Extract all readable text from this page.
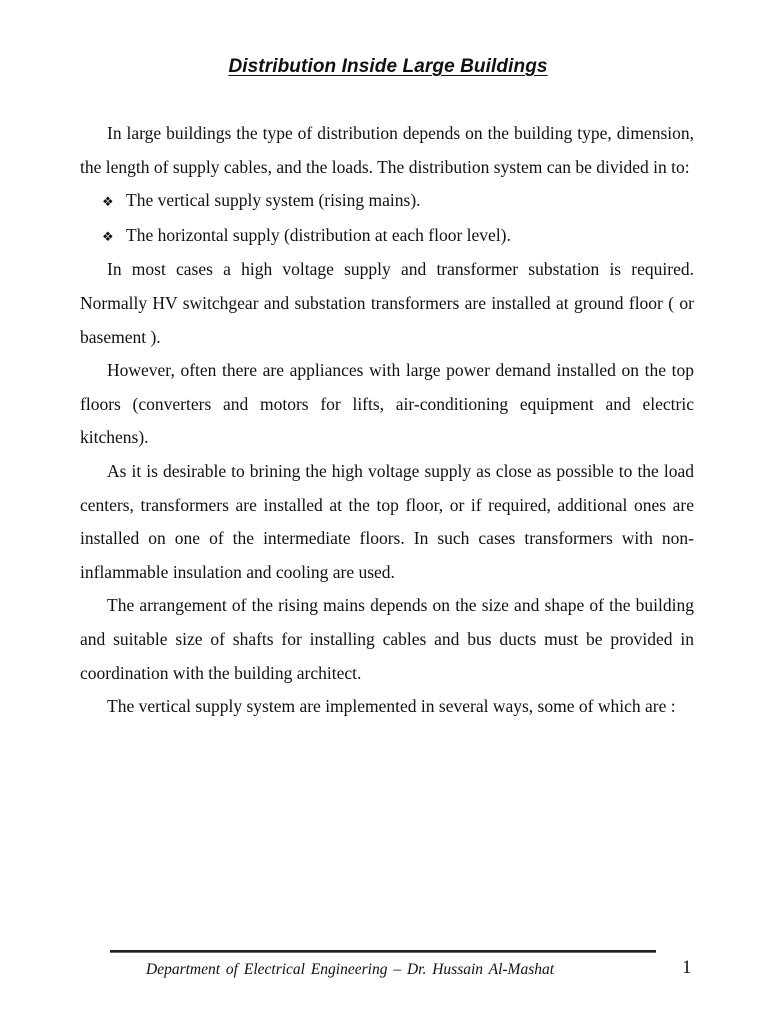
Distribution Inside Large Buildings

In large buildings the type of distribution depends on the building type, dimension, the length of supply cables, and the loads. The distribution system can be divided in to:

❖ The vertical supply system (rising mains).
❖ The horizontal supply (distribution at each floor level).

In most cases a high voltage supply and transformer substation is required. Normally HV switchgear and substation transformers are installed at ground floor ( or basement ).

However, often there are appliances with large power demand installed on the top floors (converters and motors for lifts, air-conditioning equipment and electric kitchens).

As it is desirable to brining the high voltage supply as close as possible to the load centers, transformers are installed at the top floor, or if required, additional ones are installed on one of the intermediate floors. In such cases transformers with non-inflammable insulation and cooling are used.

The arrangement of the rising mains depends on the size and shape of the building and suitable size of shafts for installing cables and bus ducts must be provided in coordination with the building architect.

The vertical supply system are implemented in several ways, some of which are :

Department of Electrical Engineering – Dr. Hussain Al-Mashat	1
